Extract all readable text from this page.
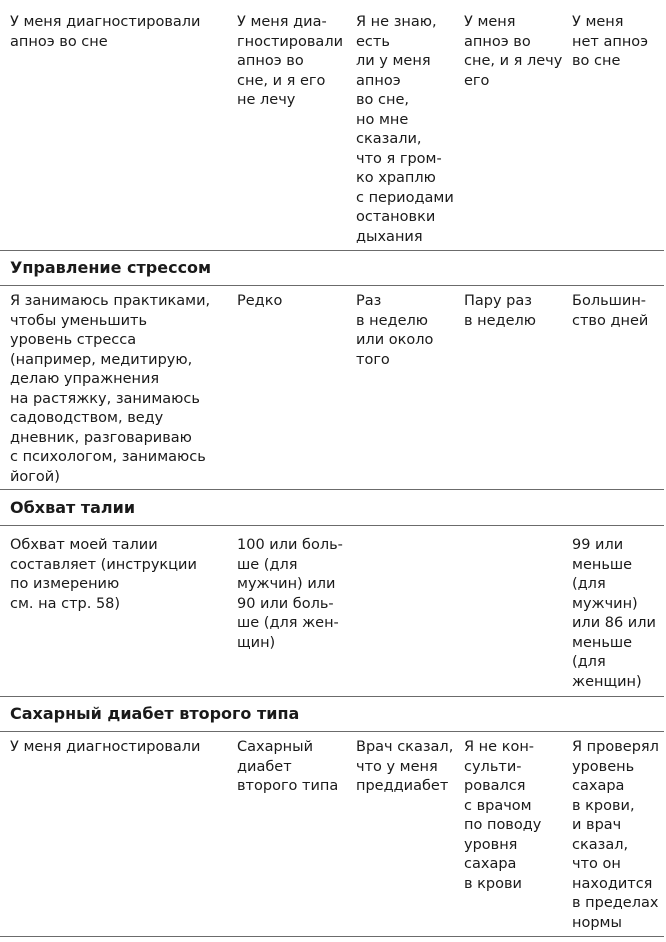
У меня диагностировали
апноэ во сне
У меня диа-
гностировали
апноэ во
сне, и я его
не лечу
Я не знаю,
есть
ли у меня
апноэ
во сне,
но мне
сказали,
что я гром-
ко храплю
с периодами
остановки
дыхания
У меня
апноэ во
сне, и я лечу
его
У меня
нет апноэ
во сне
Управление стрессом
Я занимаюсь практиками,
чтобы уменьшить
уровень стресса
(например, медитирую,
делаю упражнения
на растяжку, занимаюсь
садоводством, веду
дневник, разговариваю
с психологом, занимаюсь
йогой)
Редко	Раз
в неделю
или около
того
Пару раз
в неделю
Большин-
ство дней
Обхват талии
Обхват моей талии
составляет (инструкции
по измерению
см. на стр. 58)
100 или боль-
ше (для
мужчин) или
90 или боль-
ше (для жен-
щин)
99 или
меньше
(для
мужчин)
или 86 или
меньше
(для
женщин)
Сахарный диабет второго типа
У меня диагностировали	Сахарный
диабет
второго типа
Врач сказал,
что у меня
преддиабет
Я не кон-
сульти-
ровался
с врачом
по поводу
уровня
сахара
в крови
Я проверял
уровень
сахара
в крови,
и врач
сказал,
что он
находится
в пределах
нормы
